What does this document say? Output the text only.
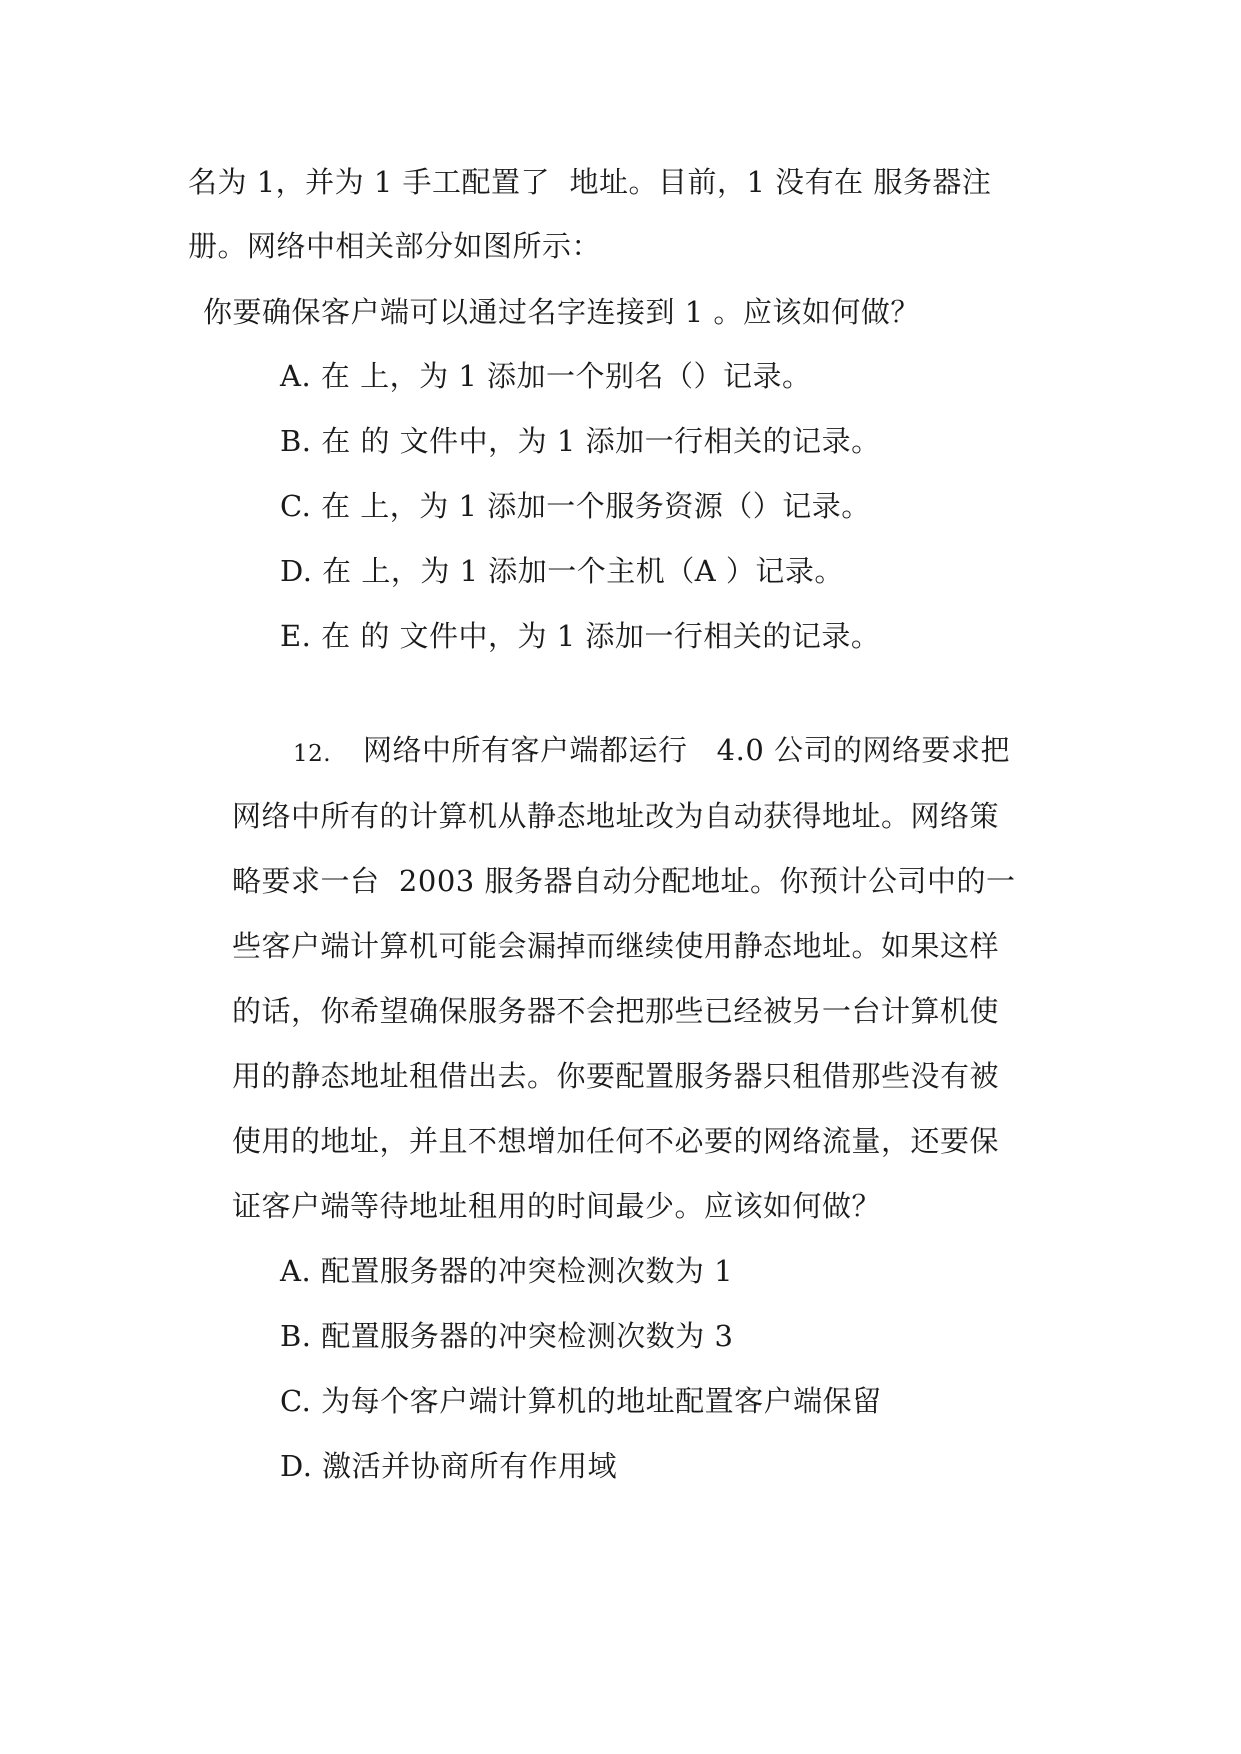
名为 1，并为 1 手工配置了  地址。目前，1 没有在 服务器注
册。网络中相关部分如图所示：
你要确保客户端可以通过名字连接到 1 。应该如何做？
A. 在 上，为 1 添加一个别名（）记录。
B. 在 的 文件中，为 1 添加一行相关的记录。
C. 在 上，为 1 添加一个服务资源（）记录。
D. 在 上，为 1 添加一个主机（A ）记录。
E. 在 的 文件中，为 1 添加一行相关的记录。
12. 网络中所有客户端都运行   4.0 公司的网络要求把
网络中所有的计算机从静态地址改为自动获得地址。网络策
略要求一台  2003 服务器自动分配地址。你预计公司中的一
些客户端计算机可能会漏掉而继续使用静态地址。如果这样
的话，你希望确保服务器不会把那些已经被另一台计算机使
用的静态地址租借出去。你要配置服务器只租借那些没有被
使用的地址，并且不想增加任何不必要的网络流量，还要保
证客户端等待地址租用的时间最少。应该如何做？
A. 配置服务器的冲突检测次数为 1
B. 配置服务器的冲突检测次数为 3
C. 为每个客户端计算机的地址配置客户端保留
D. 激活并协商所有作用域
